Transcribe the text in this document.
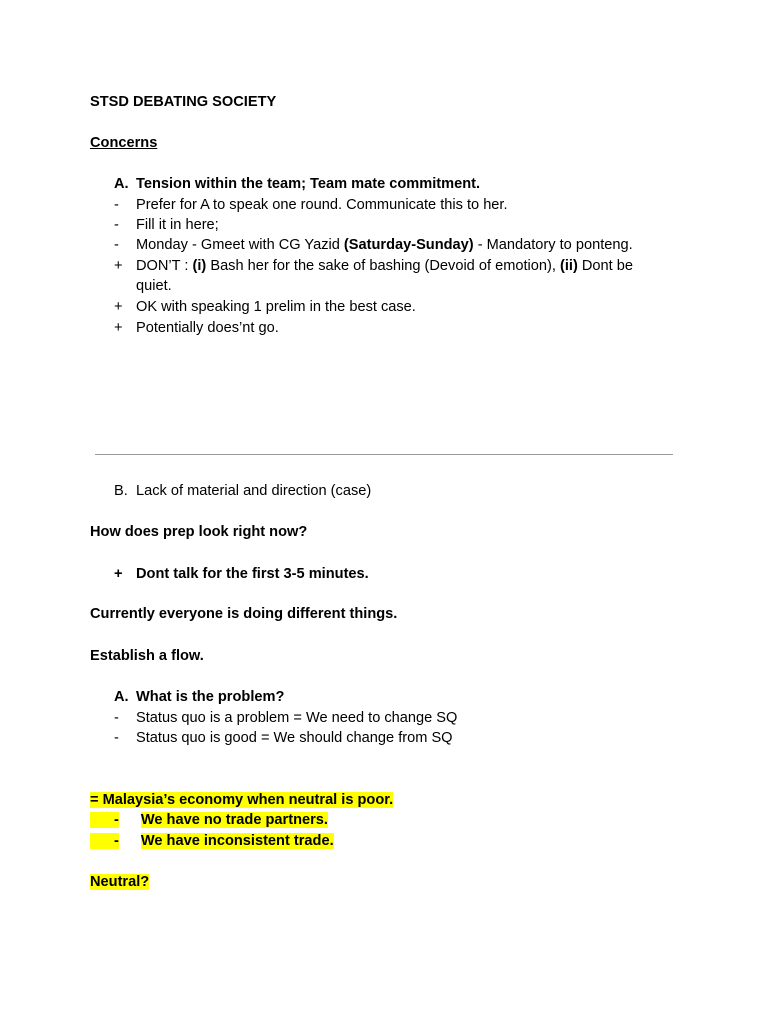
STSD DEBATING SOCIETY
Concerns
A. Tension within the team; Team mate commitment.
- Prefer for A to speak one round. Communicate this to her.
- Fill it in here;
- Monday - Gmeet with CG Yazid (Saturday-Sunday) - Mandatory to ponteng.
+ DON’T : (i) Bash her for the sake of bashing (Devoid of emotion), (ii) Dont be
quiet.
+ OK with speaking 1 prelim in the best case.
+ Potentially does’nt go.
B. Lack of material and direction (case)
How does prep look right now?
+ Dont talk for the first 3-5 minutes.
Currently everyone is doing different things.
Establish a flow.
A. What is the problem?
- Status quo is a problem = We need to change SQ
- Status quo is good = We should change from SQ
= Malaysia’s economy when neutral is poor.
- We have no trade partners.
- We have inconsistent trade.
Neutral?
